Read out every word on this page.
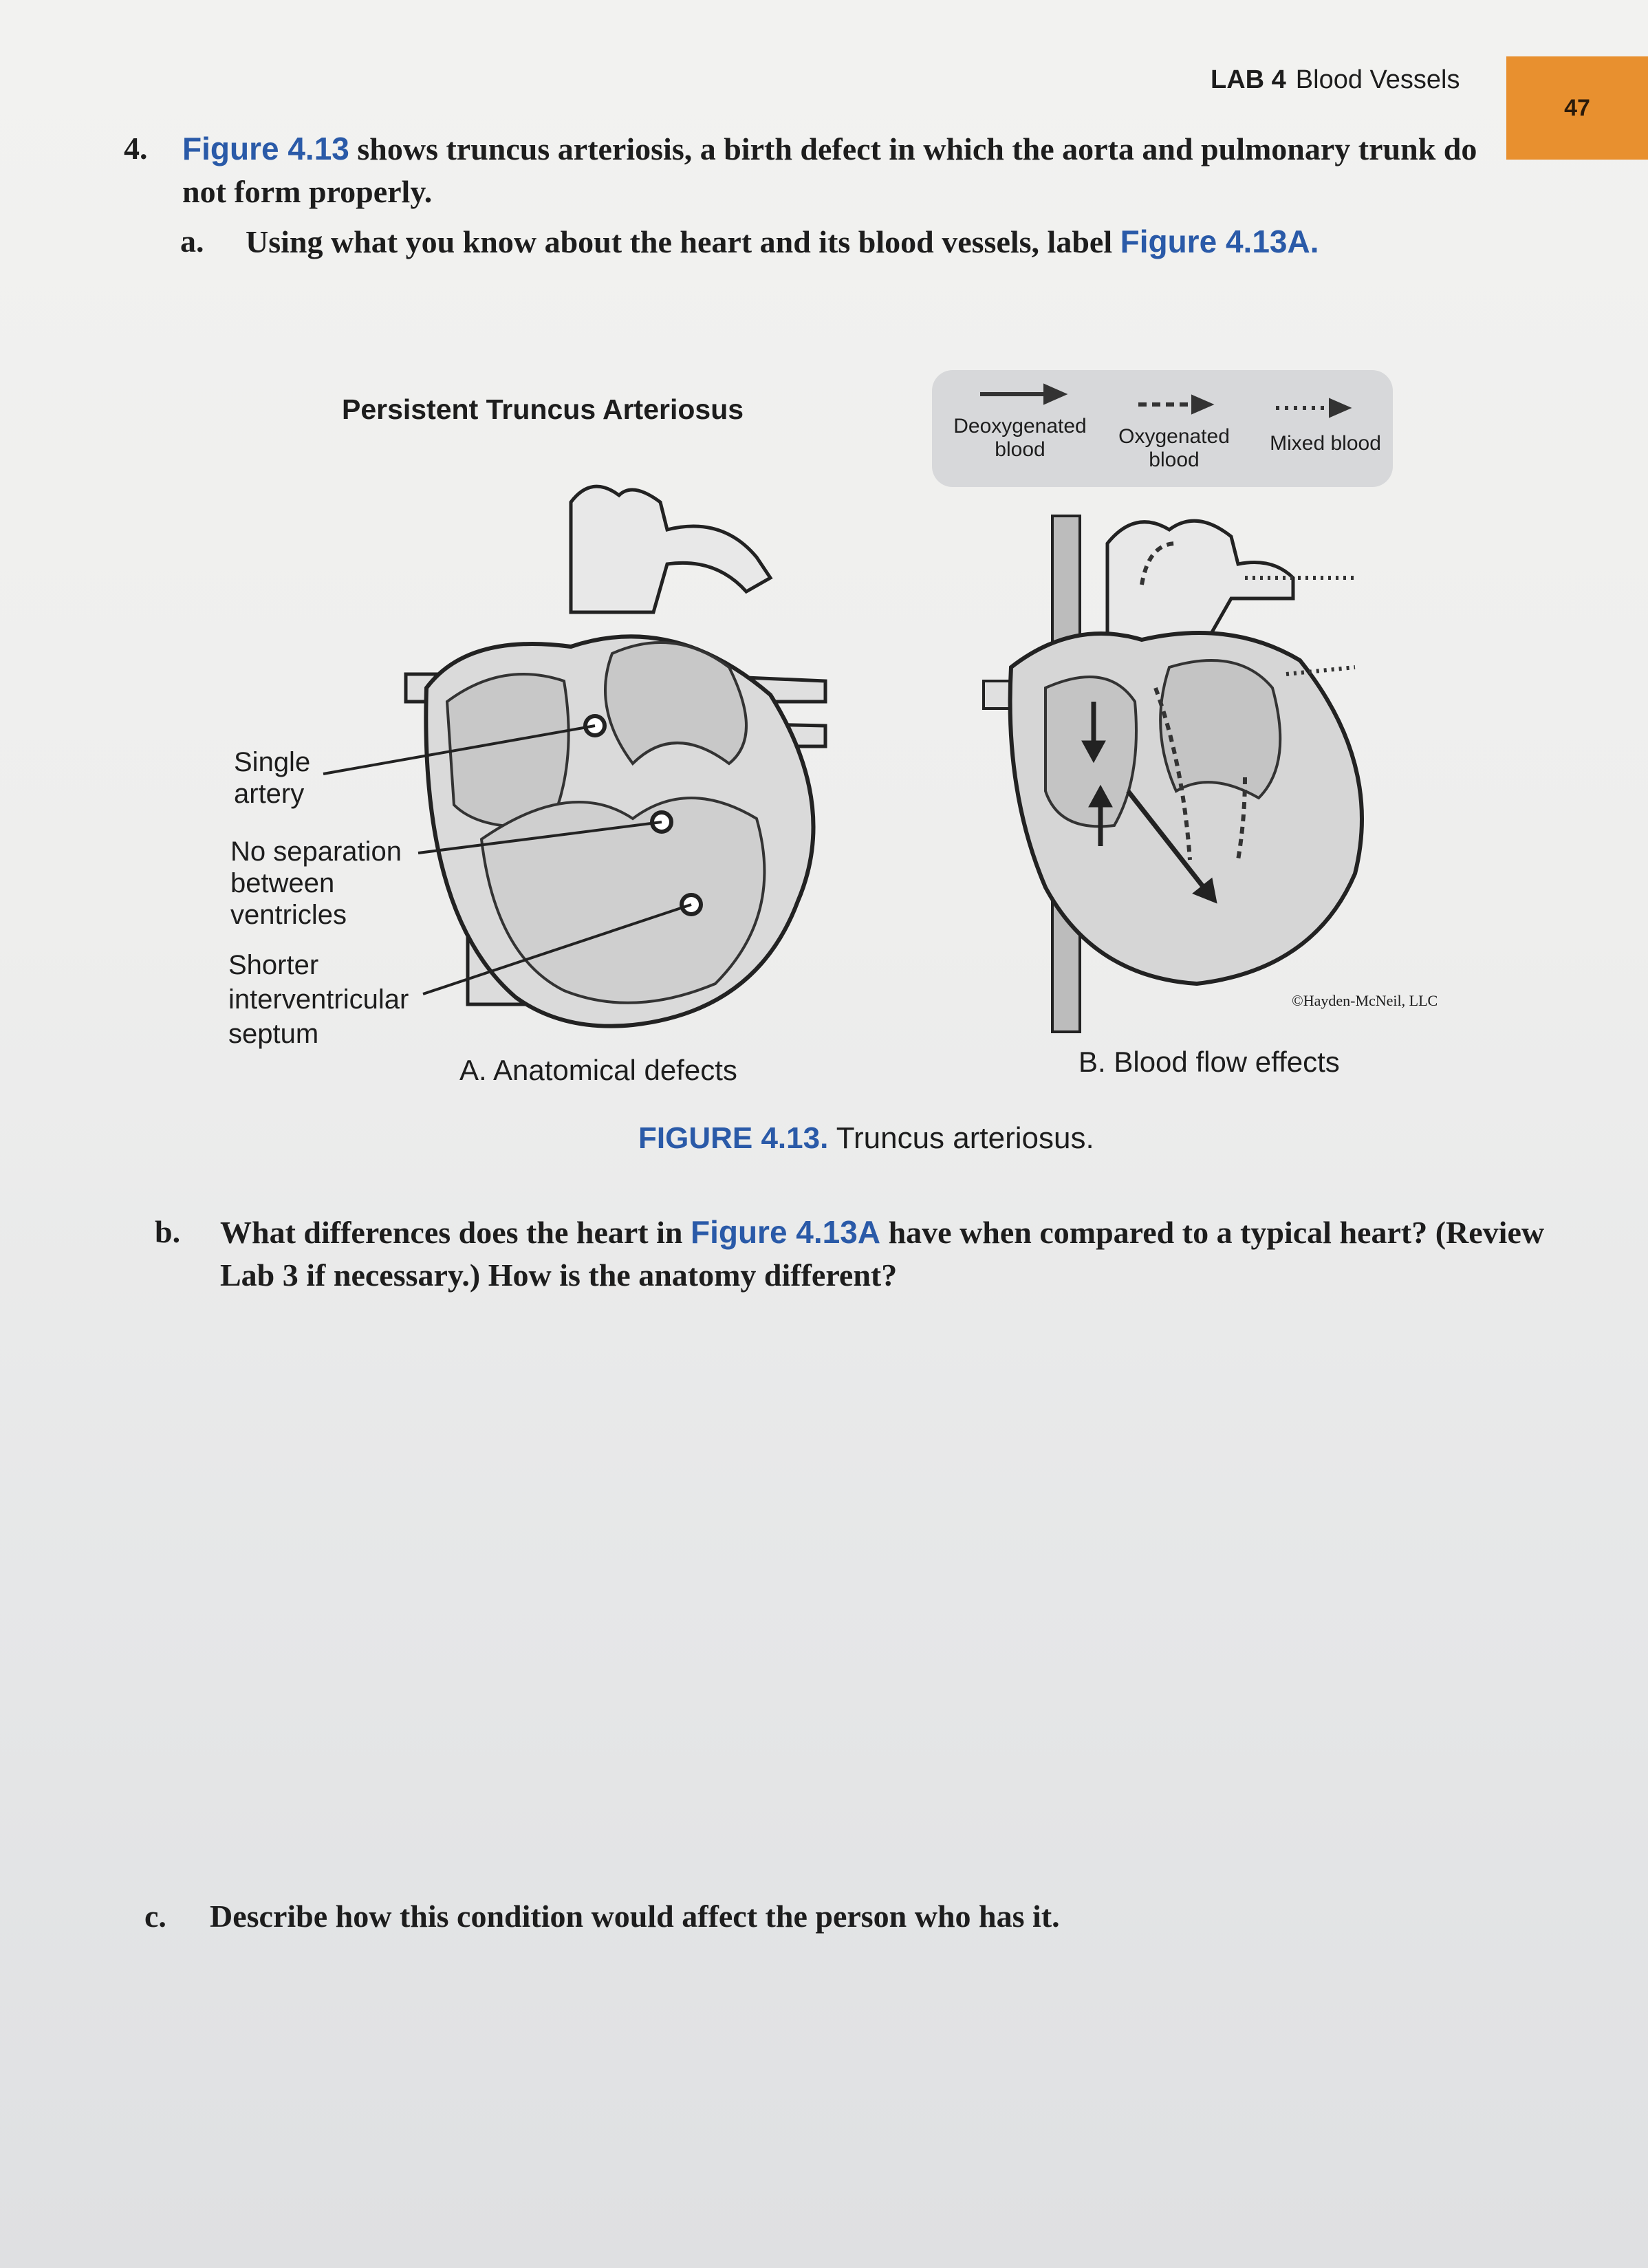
LAB 4 Blood Vessels
47
4. Figure 4.13 shows truncus arteriosis, a birth defect in which the aorta and pulmonary trunk do not form properly.
a. Using what you know about the heart and its blood vessels, label Figure 4.13A.
Persistent Truncus Arteriosus
Deoxygenated blood
Oxygenated blood
Mixed blood
Single artery
No separation between ventricles
Shorter interventricular septum
©Hayden-McNeil, LLC
A. Anatomical defects	B. Blood flow effects
FIGURE 4.13. Truncus arteriosus.
b. What differences does the heart in Figure 4.13A have when compared to a typical heart? (Review Lab 3 if necessary.) How is the anatomy different?
c. Describe how this condition would affect the person who has it.
